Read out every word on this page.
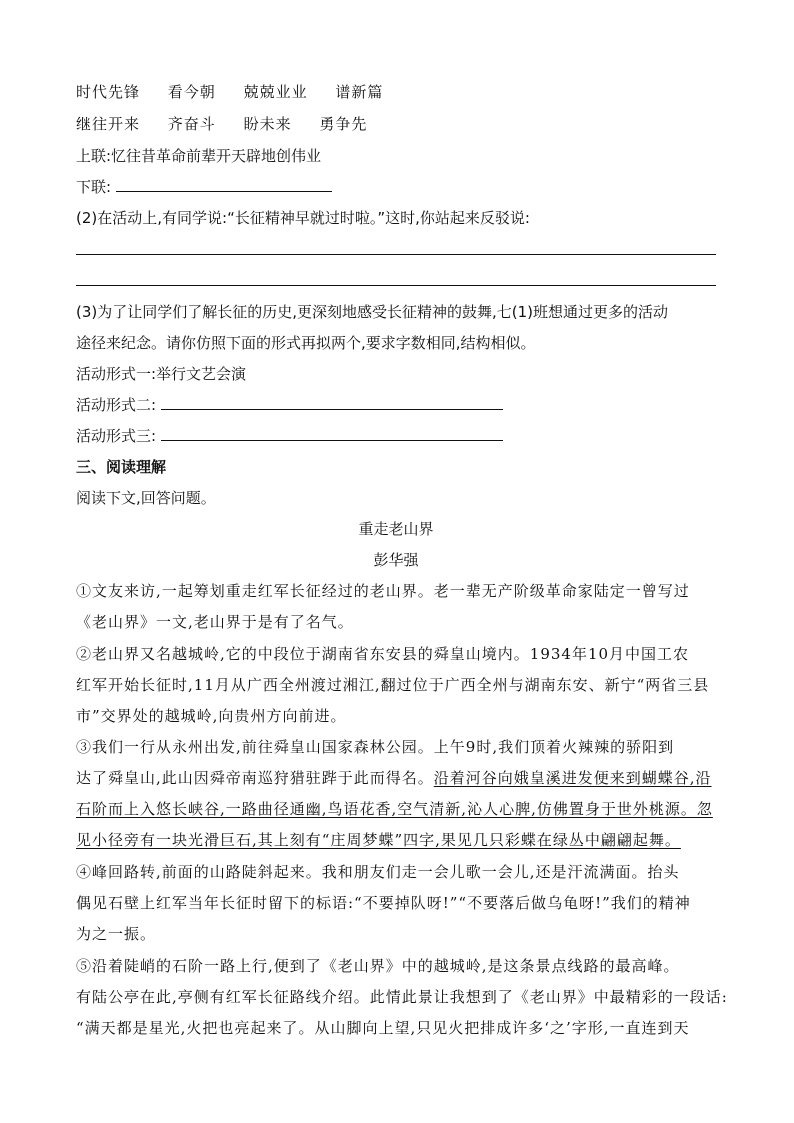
时代先锋 看今朝 兢兢业业 谱新篇
继往开来 齐奋斗 盼未来 勇争先
上联:忆往昔革命前辈开天辟地创伟业
下联:
(2)在活动上,有同学说:“长征精神早就过时啦。”这时,你站起来反驳说:
(3)为了让同学们了解长征的历史,更深刻地感受长征精神的鼓舞,七(1)班想通过更多的活动
途径来纪念。请你仿照下面的形式再拟两个,要求字数相同,结构相似。
活动形式一:举行文艺会演
活动形式二:
活动形式三:
三、阅读理解
阅读下文,回答问题。
重走老山界
彭华强
①文友来访,一起筹划重走红军长征经过的老山界。老一辈无产阶级革命家陆定一曾写过
《老山界》一文,老山界于是有了名气。
②老山界又名越城岭,它的中段位于湖南省东安县的舜皇山境内。1934年10月中国工农
红军开始长征时,11月从广西全州渡过湘江,翻过位于广西全州与湖南东安、新宁“两省三县
市”交界处的越城岭,向贵州方向前进。
③我们一行从永州出发,前往舜皇山国家森林公园。上午9时,我们顶着火辣辣的骄阳到
达了舜皇山,此山因舜帝南巡狩猎驻跸于此而得名。沿着河谷向娥皇溪进发便来到蝴蝶谷,沿
石阶而上入悠长峡谷,一路曲径通幽,鸟语花香,空气清新,沁人心脾,仿佛置身于世外桃源。忽
见小径旁有一块光滑巨石,其上刻有“庄周梦蝶”四字,果见几只彩蝶在绿丛中翩翩起舞。
④峰回路转,前面的山路陡斜起来。我和朋友们走一会儿歌一会儿,还是汗流满面。抬头
偶见石壁上红军当年长征时留下的标语:“不要掉队呀!”“不要落后做乌龟呀!”我们的精神
为之一振。
⑤沿着陡峭的石阶一路上行,便到了《老山界》中的越城岭,是这条景点线路的最高峰。
有陆公亭在此,亭侧有红军长征路线介绍。此情此景让我想到了《老山界》中最精彩的一段话:
“满天都是星光,火把也亮起来了。从山脚向上望,只见火把排成许多‘之’字形,一直连到天
